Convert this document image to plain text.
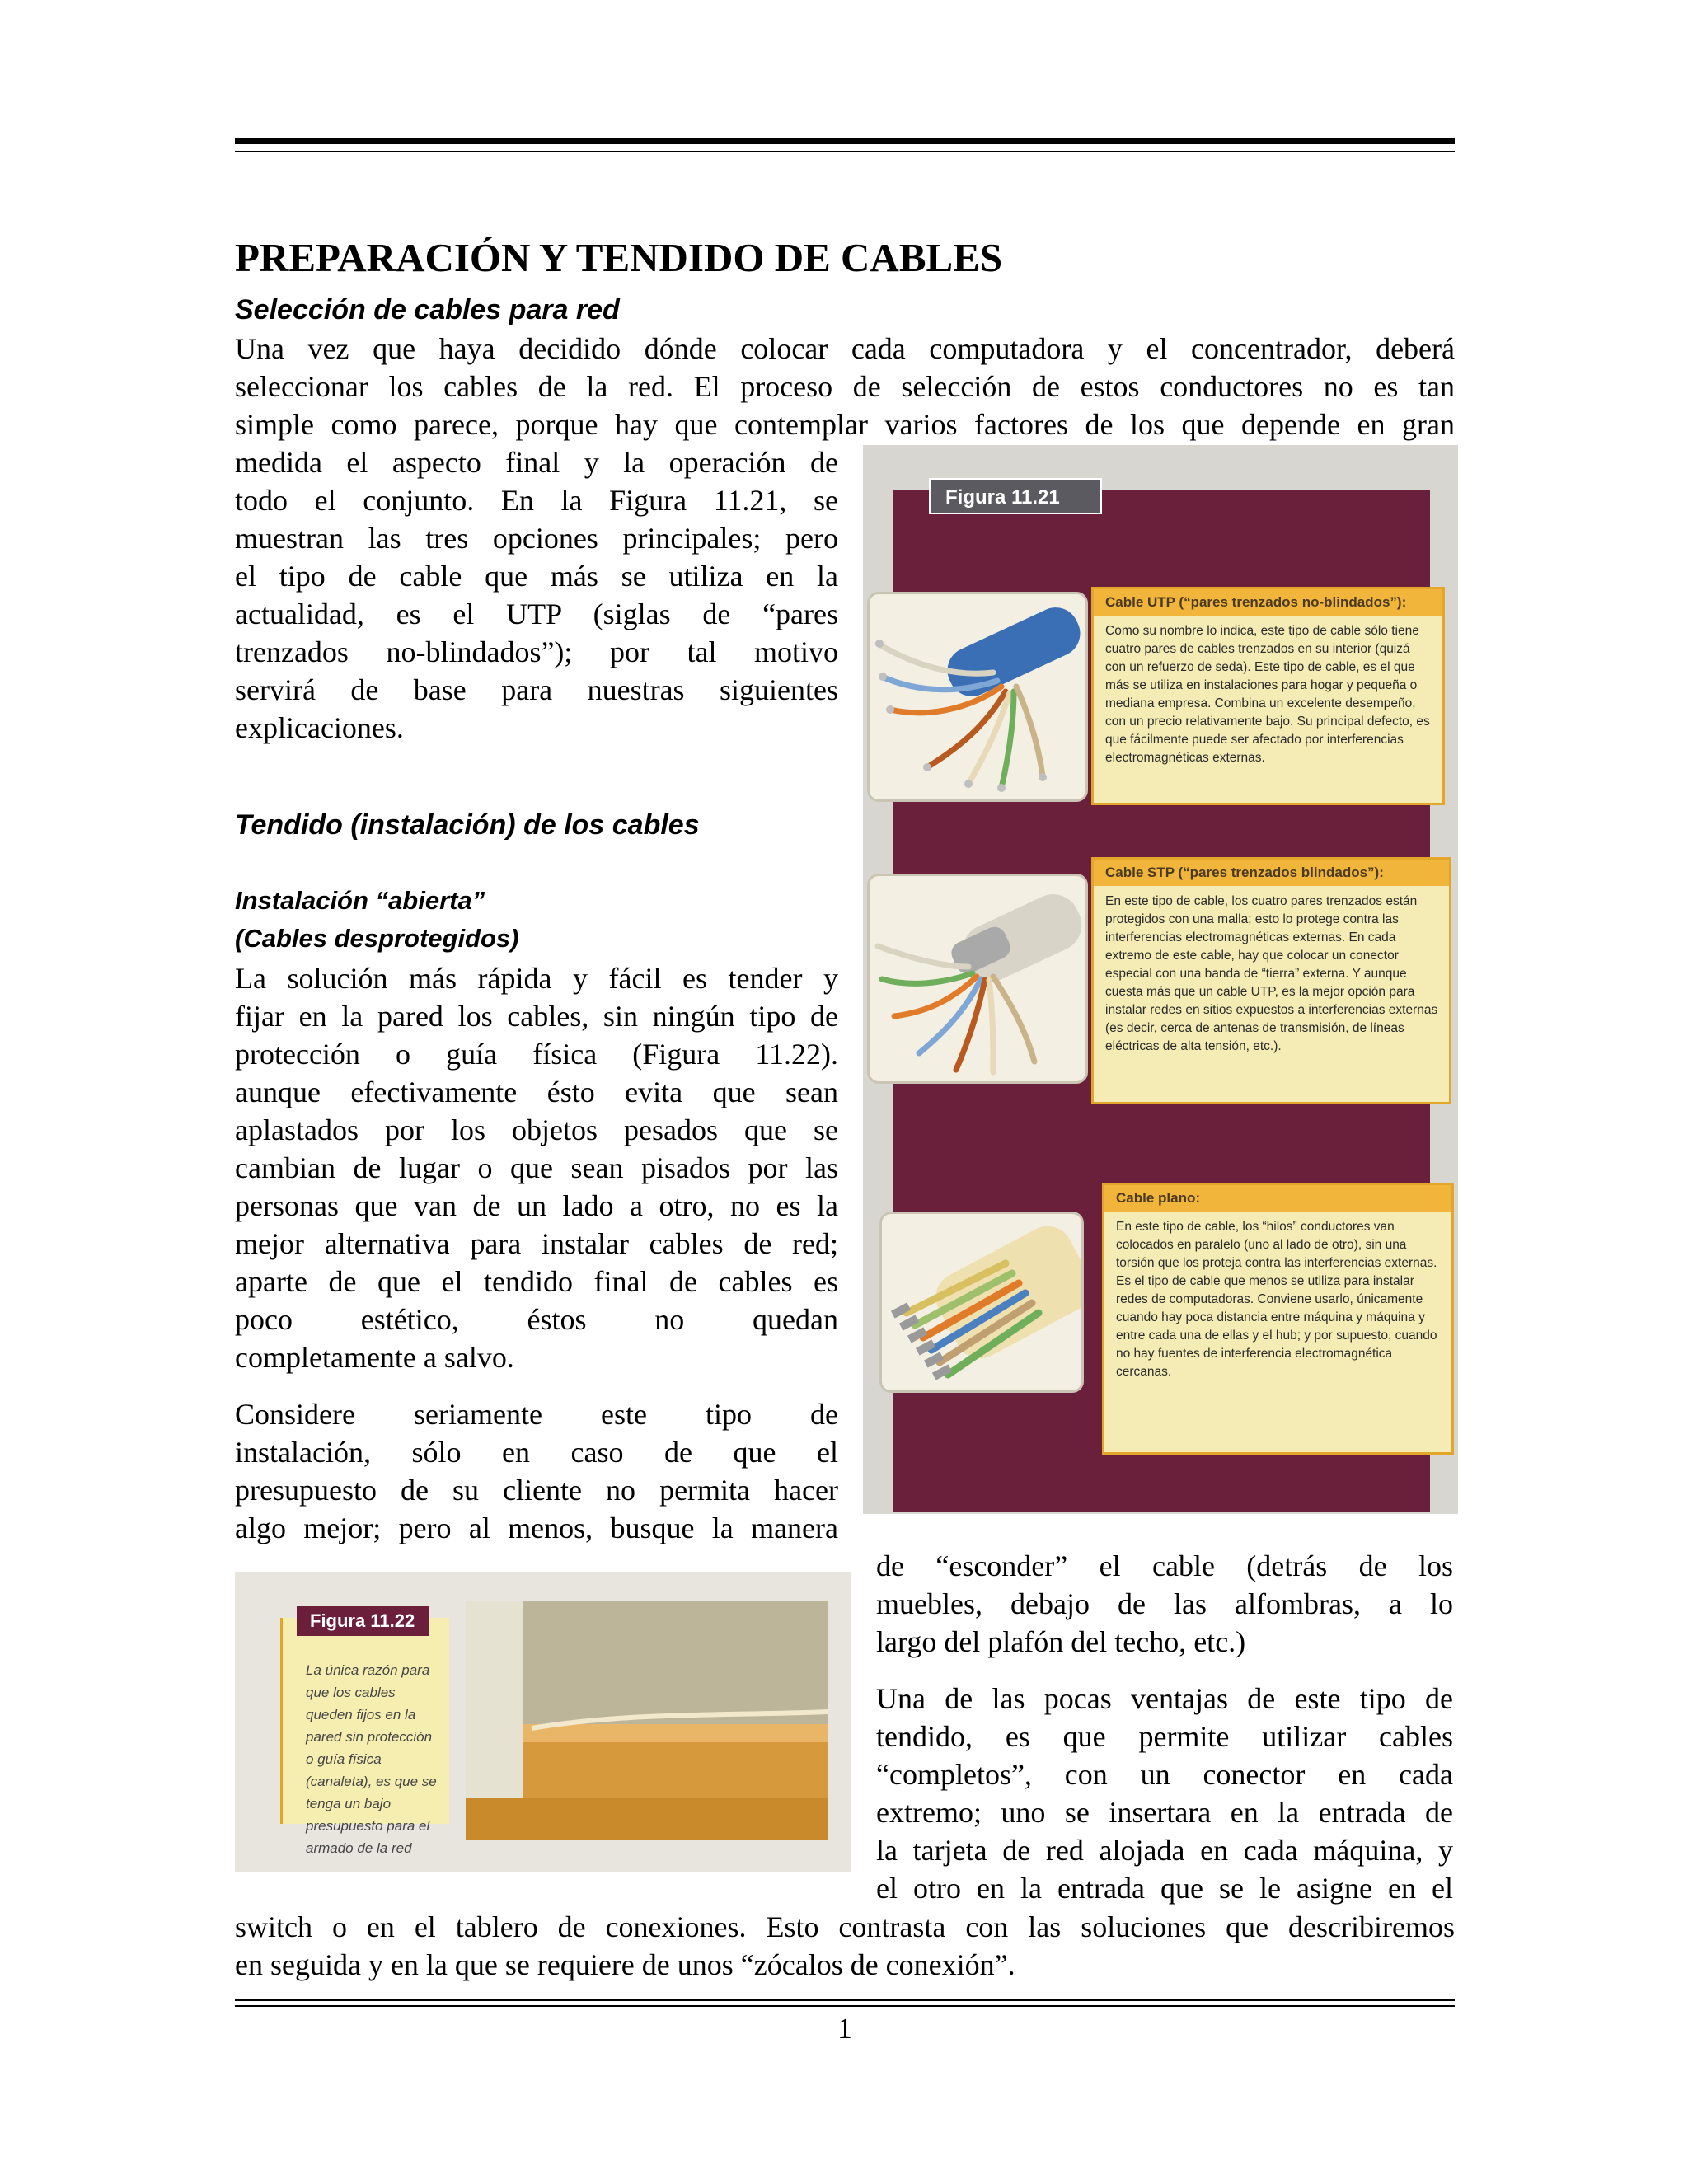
PREPARACIÓN Y TENDIDO DE CABLES
Selección de cables para red
Una vez que haya decidido dónde colocar cada computadora y el concentrador, deberá
seleccionar los cables de la red. El proceso de selección de estos conductores no es tan
simple como parece, porque hay que contemplar varios factores de los que depende en gran
medida el aspecto final y la operación de
todo el conjunto. En la Figura 11.21, se
muestran las tres opciones principales; pero
el tipo de cable que más se utiliza en la
actualidad, es el UTP (siglas de “pares
trenzados no-blindados”); por tal motivo
servirá de base para nuestras siguientes
explicaciones.
Tendido (instalación) de los cables
Instalación “abierta”
(Cables desprotegidos)
La solución más rápida y fácil es tender y
fijar en la pared los cables, sin ningún tipo de
protección o guía física (Figura 11.22).
aunque efectivamente ésto evita que sean
aplastados por los objetos pesados que se
cambian de lugar o que sean pisados por las
personas que van de un lado a otro, no es la
mejor alternativa para instalar cables de red;
aparte de que el tendido final de cables es
poco estético, éstos no quedan
completamente a salvo.
Considere seriamente este tipo de
instalación, sólo en caso de que el
presupuesto de su cliente no permita hacer
algo mejor; pero al menos, busque la manera
de “esconder” el cable (detrás de los
muebles, debajo de las alfombras, a lo
largo del plafón del techo, etc.)
Una de las pocas ventajas de este tipo de
tendido, es que permite utilizar cables
“completos”, con un conector en cada
extremo; uno se insertara en la entrada de
la tarjeta de red alojada en cada máquina, y
el otro en la entrada que se le asigne en el
switch o en el tablero de conexiones. Esto contrasta con las soluciones que describiremos
en seguida y en la que se requiere de unos “zócalos de conexión”.
Figura 11.21
Cable UTP (“pares trenzados no-blindados”):
Como su nombre lo indica, este tipo de cable sólo tiene cuatro pares de cables trenzados en su interior (quizá con un refuerzo de seda). Este tipo de cable, es el que más se utiliza en instalaciones para hogar y pequeña o mediana empresa. Combina un excelente desempeño, con un precio relativamente bajo. Su principal defecto, es que fácilmente puede ser afectado por interferencias electromagnéticas externas.
Cable STP (“pares trenzados blindados”):
En este tipo de cable, los cuatro pares trenzados están protegidos con una malla; esto lo protege contra las interferencias electromagnéticas externas. En cada extremo de este cable, hay que colocar un conector especial con una banda de “tierra” externa. Y aunque cuesta más que un cable UTP, es la mejor opción para instalar redes en sitios expuestos a interferencias externas (es decir, cerca de antenas de transmisión, de líneas eléctricas de alta tensión, etc.).
Cable plano:
En este tipo de cable, los “hilos” conductores van colocados en paralelo (uno al lado de otro), sin una torsión que los proteja contra las interferencias externas. Es el tipo de cable que menos se utiliza para instalar redes de computadoras. Conviene usarlo, únicamente cuando hay poca distancia entre máquina y máquina y entre cada una de ellas y el hub; y por supuesto, cuando no hay fuentes de interferencia electromagnética cercanas.
La única razón para que los cables queden fijos en la pared sin protección o guía física (canaleta), es que se tenga un bajo presupuesto para el armado de la red
Figura 11.22
1
